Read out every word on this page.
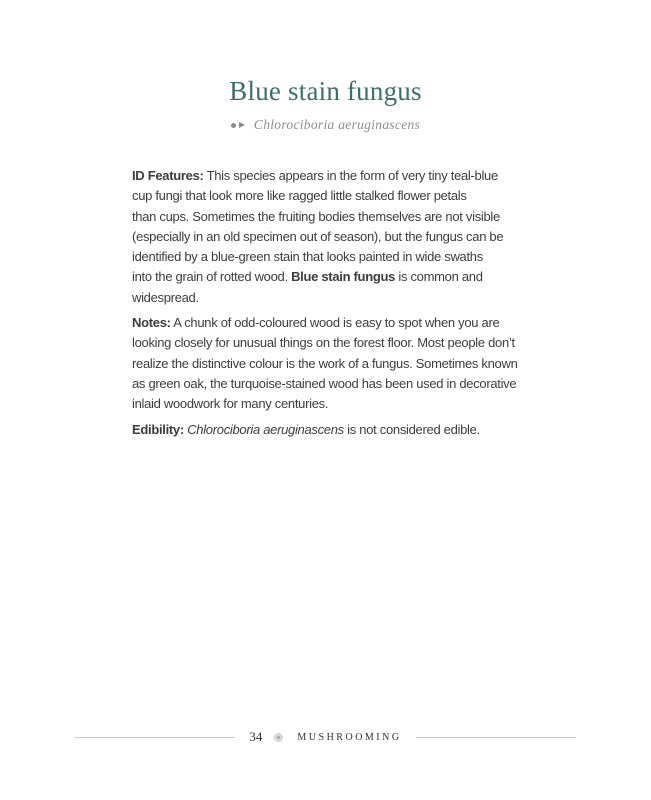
Blue stain fungus
Chlorociboria aeruginascens
ID Features: This species appears in the form of very tiny teal-blue
cup fungi that look more like ragged little stalked flower petals
than cups. Sometimes the fruiting bodies themselves are not visible
(especially in an old specimen out of season), but the fungus can be
identified by a blue-green stain that looks painted in wide swaths
into the grain of rotted wood. Blue stain fungus is common and
widespread.
Notes: A chunk of odd-coloured wood is easy to spot when you are
looking closely for unusual things on the forest floor. Most people don’t
realize the distinctive colour is the work of a fungus. Sometimes known
as green oak, the turquoise-stained wood has been used in decorative
inlaid woodwork for many centuries.
Edibility: Chlorociboria aeruginascens is not considered edible.
34	MUSHROOMING
